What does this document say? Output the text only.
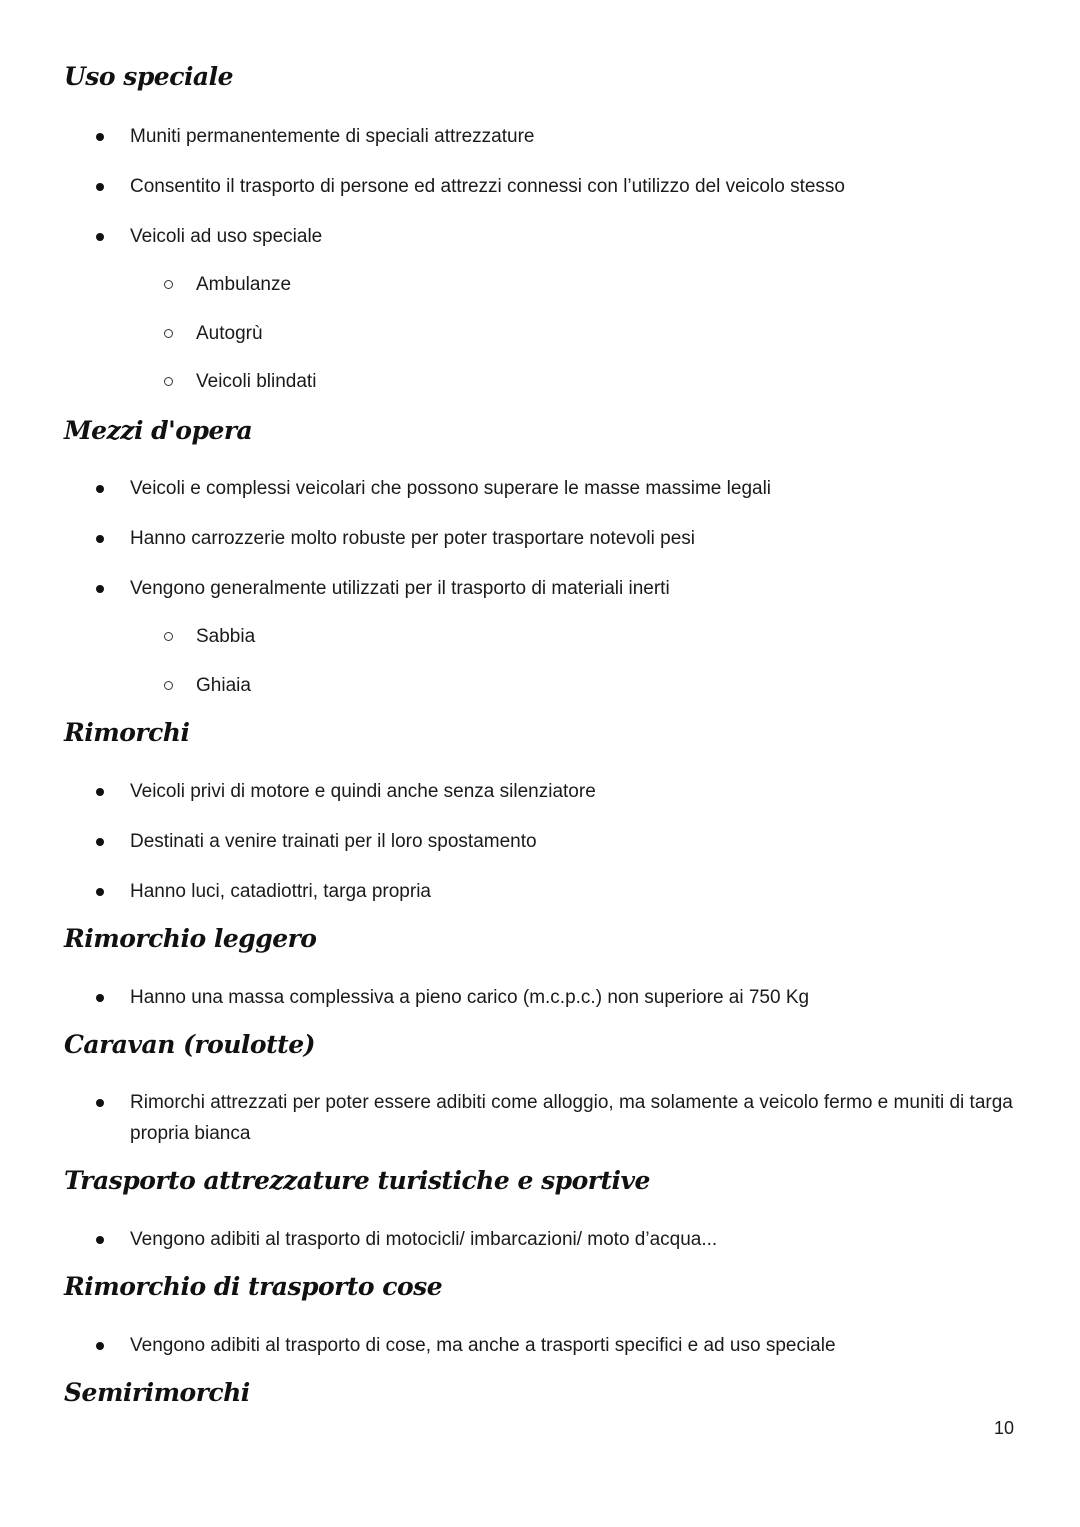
Uso speciale
Muniti permanentemente di speciali attrezzature
Consentito il trasporto di persone ed attrezzi connessi con l’utilizzo del veicolo stesso
Veicoli ad uso speciale
Ambulanze
Autogrù
Veicoli blindati
Mezzi d'opera
Veicoli e complessi veicolari che possono superare le masse massime legali
Hanno carrozzerie molto robuste per poter trasportare notevoli pesi
Vengono generalmente utilizzati per il trasporto di materiali inerti
Sabbia
Ghiaia
Rimorchi
Veicoli privi di motore e quindi anche senza silenziatore
Destinati a venire trainati per il loro spostamento
Hanno luci, catadiottri, targa propria
Rimorchio leggero
Hanno una massa complessiva a pieno carico (m.c.p.c.) non superiore ai 750 Kg
Caravan (roulotte)
Rimorchi attrezzati per poter essere adibiti come alloggio, ma solamente a veicolo fermo e muniti di targa propria bianca
Trasporto attrezzature turistiche e sportive
Vengono adibiti al trasporto di motocicli/ imbarcazioni/ moto d’acqua...
Rimorchio di trasporto cose
Vengono adibiti al trasporto di cose, ma anche a trasporti specifici e ad uso speciale
Semirimorchi
10
